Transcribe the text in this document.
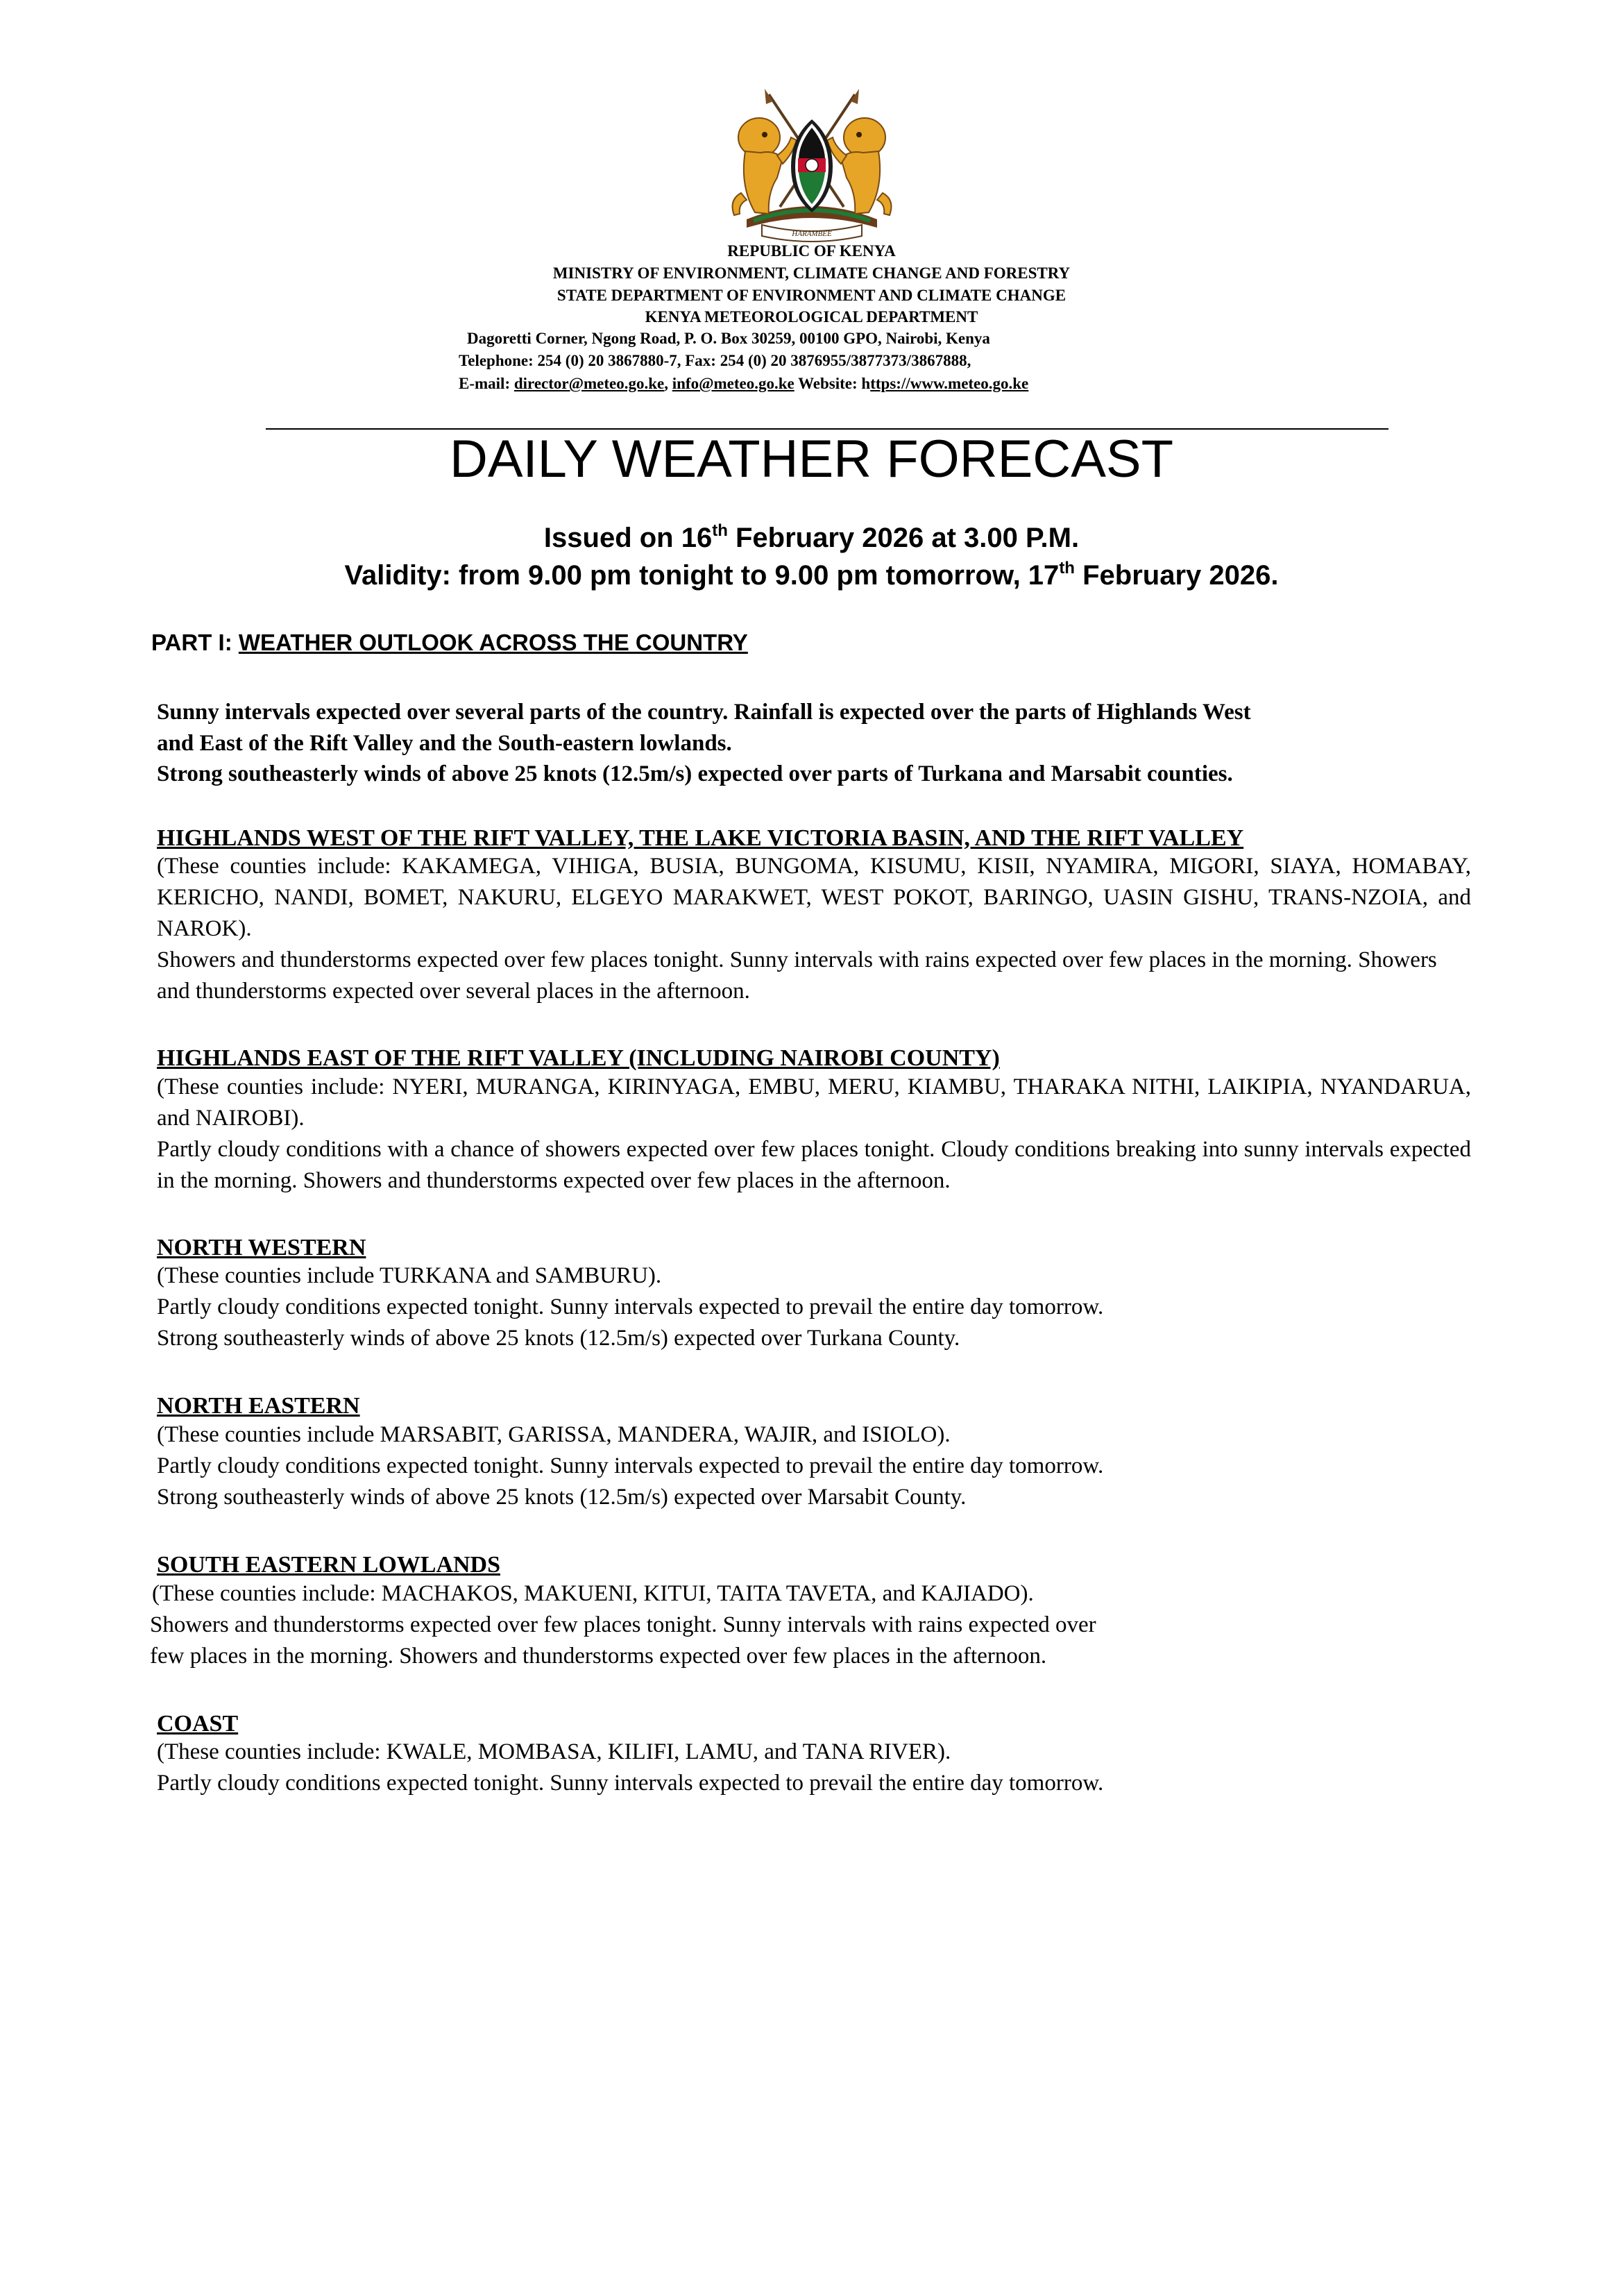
HARAMBEE
REPUBLIC OF KENYA
MINISTRY OF ENVIRONMENT, CLIMATE CHANGE AND FORESTRY
STATE DEPARTMENT OF ENVIRONMENT AND CLIMATE CHANGE
KENYA METEOROLOGICAL DEPARTMENT
Dagoretti Corner, Ngong Road, P. O. Box 30259, 00100 GPO, Nairobi, Kenya
Telephone: 254 (0) 20 3867880-7, Fax: 254 (0) 20 3876955/3877373/3867888,
E-mail: director@meteo.go.ke, info@meteo.go.ke Website: https://www.meteo.go.ke
DAILY WEATHER FORECAST
Issued on 16th February 2026 at 3.00 P.M.
Validity: from 9.00 pm tonight to 9.00 pm tomorrow, 17th February 2026.
PART I: WEATHER OUTLOOK ACROSS THE COUNTRY
Sunny intervals expected over several parts of the country. Rainfall is expected over the parts of Highlands West
and East of the Rift Valley and the South-eastern lowlands.
Strong southeasterly winds of above 25 knots (12.5m/s) expected over parts of Turkana and Marsabit counties.
HIGHLANDS WEST OF THE RIFT VALLEY, THE LAKE VICTORIA BASIN, AND THE RIFT VALLEY
(These counties include: KAKAMEGA, VIHIGA, BUSIA, BUNGOMA, KISUMU, KISII, NYAMIRA, MIGORI, SIAYA, HOMABAY, KERICHO, NANDI, BOMET, NAKURU, ELGEYO MARAKWET, WEST POKOT, BARINGO, UASIN GISHU, TRANS-NZOIA, and NAROK).
Showers and thunderstorms expected over few places tonight. Sunny intervals with rains expected over few places in the morning. Showers and thunderstorms expected over several places in the afternoon.
HIGHLANDS EAST OF THE RIFT VALLEY (INCLUDING NAIROBI COUNTY)
(These counties include: NYERI, MURANGA, KIRINYAGA, EMBU, MERU, KIAMBU, THARAKA NITHI, LAIKIPIA, NYANDARUA, and NAIROBI).
Partly cloudy conditions with a chance of showers expected over few places tonight. Cloudy conditions breaking into sunny intervals expected in the morning. Showers and thunderstorms expected over few places in the afternoon.
NORTH WESTERN
(These counties include TURKANA and SAMBURU).
Partly cloudy conditions expected tonight. Sunny intervals expected to prevail the entire day tomorrow.
Strong southeasterly winds of above 25 knots (12.5m/s) expected over Turkana County.
NORTH EASTERN
(These counties include MARSABIT, GARISSA, MANDERA, WAJIR, and ISIOLO).
Partly cloudy conditions expected tonight. Sunny intervals expected to prevail the entire day tomorrow.
Strong southeasterly winds of above 25 knots (12.5m/s) expected over Marsabit County.
SOUTH EASTERN LOWLANDS
(These counties include: MACHAKOS, MAKUENI, KITUI, TAITA TAVETA, and KAJIADO).
Showers and thunderstorms expected over few places tonight. Sunny intervals with rains expected over
few places in the morning. Showers and thunderstorms expected over few places in the afternoon.
COAST
(These counties include: KWALE, MOMBASA, KILIFI, LAMU, and TANA RIVER).
Partly cloudy conditions expected tonight. Sunny intervals expected to prevail the entire day tomorrow.
